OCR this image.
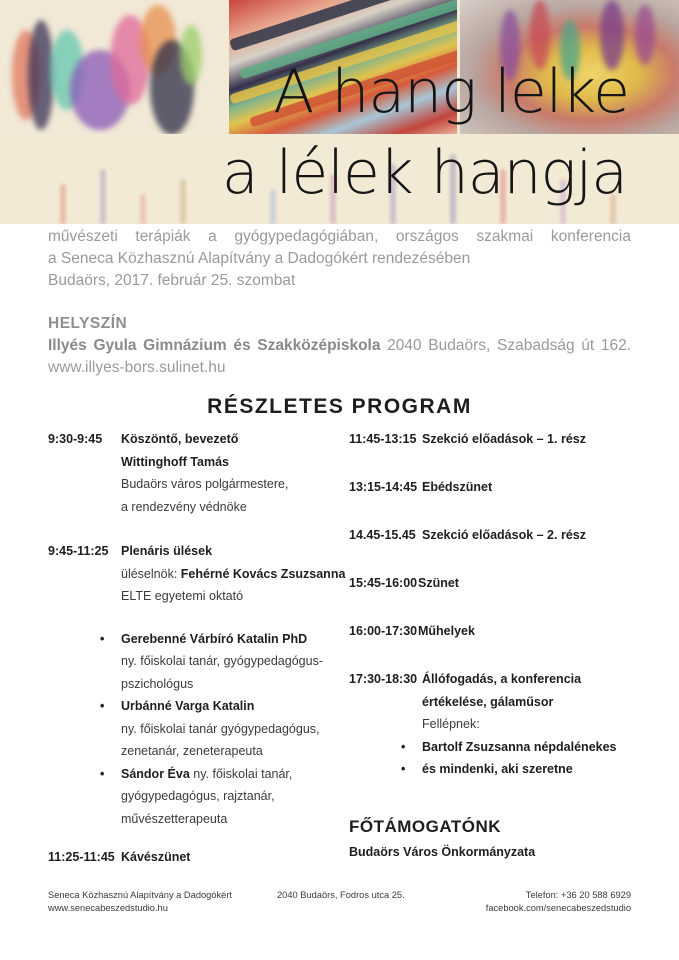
A hang lelke
a lélek hangja
művészeti terápiák a gyógypedagógiában, országos szakmai konferencia
a Seneca Közhasznú Alapítvány a Dadogókért rendezésében
Budaörs, 2017. február 25. szombat
HELYSZÍN
Illyés Gyula Gimnázium és Szakközépiskola 2040 Budaörs, Szabadság út 162.
www.illyes-bors.sulinet.hu
RÉSZLETES PROGRAM
9:30-9:45 Köszöntő, bevezető
Wittinghoff Tamás
Budaörs város polgármestere,
a rendezvény védnöke
9:45-11:25 Plenáris ülések
üléselnök: Fehérné Kovács Zsuzsanna
ELTE egyetemi oktató
• Gerebenné Várbíró Katalin PhD
ny. főiskolai tanár, gyógypedagógus-
pszichológus
• Urbánné Varga Katalin
ny. főiskolai tanár gyógypedagógus,
zenetanár, zeneterapeuta
• Sándor Éva ny. főiskolai tanár,
gyógypedagógus, rajztanár,
művészetterapeuta
11:25-11:45 Kávészünet
11:45-13:15 Szekció előadások – 1. rész
13:15-14:45 Ebédszünet
14.45-15.45 Szekció előadások – 2. rész
15:45-16:00 Szünet
16:00-17:30 Műhelyek
17:30-18:30 Állófogadás, a konferencia
értékelése, gálaműsor
Fellépnek:
• Bartolf Zsuzsanna népdalénekes
• és mindenki, aki szeretne
FŐTÁMOGATÓNK
Budaörs Város Önkormányzata
Seneca Közhasznú Alapítvány a Dadogókért
www.senecabeszedstudio.hu
2040 Budaörs, Fodros utca 25.	Telefon: +36 20 588 6929
facebook.com/senecabeszedstudio
